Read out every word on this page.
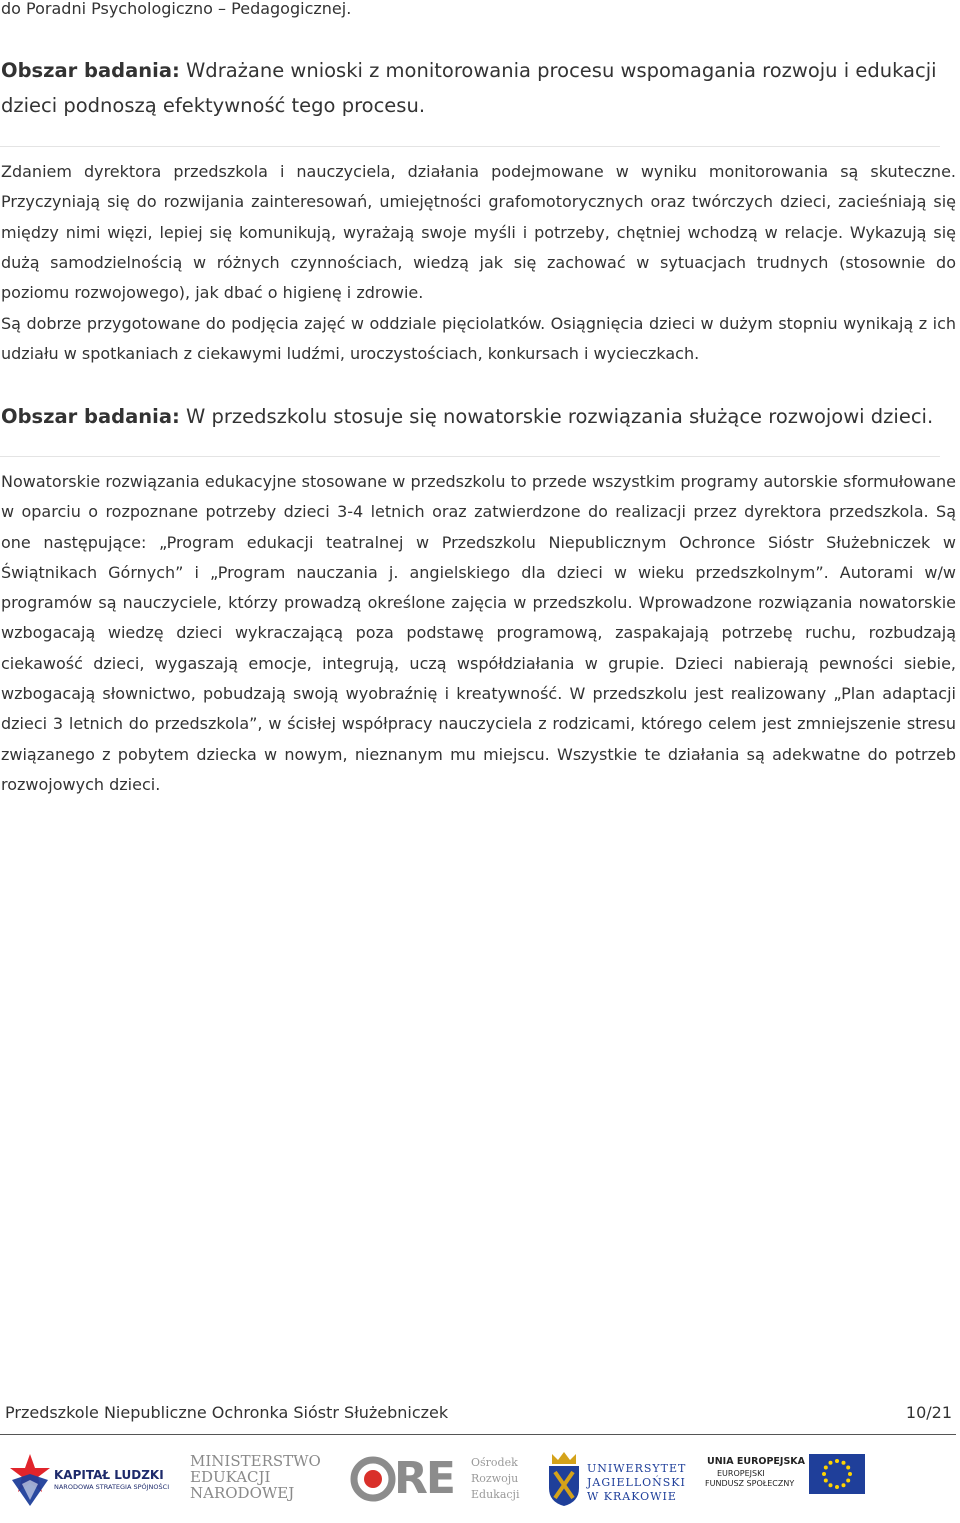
do Poradni Psychologiczno – Pedagogicznej.
Obszar badania: Wdrażane wnioski z monitorowania procesu wspomagania rozwoju i edukacji dzieci podnoszą efektywność tego procesu.
Zdaniem dyrektora przedszkola i nauczyciela, działania podejmowane w wyniku monitorowania są skuteczne. Przyczyniają się do rozwijania zainteresowań, umiejętności grafomotorycznych oraz twórczych dzieci, zacieśniają się między nimi więzi, lepiej się komunikują, wyrażają swoje myśli i potrzeby, chętniej wchodzą w relacje. Wykazują się dużą samodzielnością w różnych czynnościach, wiedzą jak się zachować w sytuacjach trudnych (stosownie do poziomu rozwojowego), jak dbać o higienę i zdrowie.
Są dobrze przygotowane do podjęcia zajęć w oddziale pięciolatków. Osiągnięcia dzieci w dużym stopniu wynikają z ich udziału w spotkaniach z ciekawymi ludźmi, uroczystościach, konkursach i wycieczkach.
Obszar badania: W przedszkolu stosuje się nowatorskie rozwiązania służące rozwojowi dzieci.
Nowatorskie rozwiązania edukacyjne stosowane w przedszkolu to przede wszystkim programy autorskie sformułowane w oparciu o rozpoznane potrzeby dzieci 3-4 letnich oraz zatwierdzone do realizacji przez dyrektora przedszkola. Są one następujące: „Program edukacji teatralnej w Przedszkolu Niepublicznym Ochronce Sióstr Służebniczek w Świątnikach Górnych” i „Program nauczania j. angielskiego dla dzieci w wieku przedszkolnym”. Autorami w/w programów są nauczyciele, którzy prowadzą określone zajęcia w przedszkolu. Wprowadzone rozwiązania nowatorskie wzbogacają wiedzę dzieci wykraczającą poza podstawę programową, zaspakajają potrzebę ruchu, rozbudzają ciekawość dzieci, wygaszają emocje, integrują, uczą współdziałania w grupie. Dzieci nabierają pewności siebie, wzbogacają słownictwo, pobudzają swoją wyobraźnię i kreatywność. W przedszkolu jest realizowany „Plan adaptacji dzieci 3 letnich do przedszkola”, w ścisłej współpracy nauczyciela z rodzicami, którego celem jest zmniejszenie stresu związanego z pobytem dziecka w nowym, nieznanym mu miejscu. Wszystkie te działania są adekwatne do potrzeb rozwojowych dzieci.
Przedszkole Niepubliczne Ochronka Sióstr Służebniczek	10/21
KAPITAŁ LUDZKI
NARODOWA STRATEGIA SPÓJNOŚCI
MINISTERSTWO
EDUKACJI
NARODOWEJ RE Ośrodek
Rozwoju
Edukacji
UNIWERSYTET
JAGIELLOŃSKI
W KRAKOWIE
UNIA EUROPEJSKA
EUROPEJSKI
FUNDUSZ SPOŁECZNY
